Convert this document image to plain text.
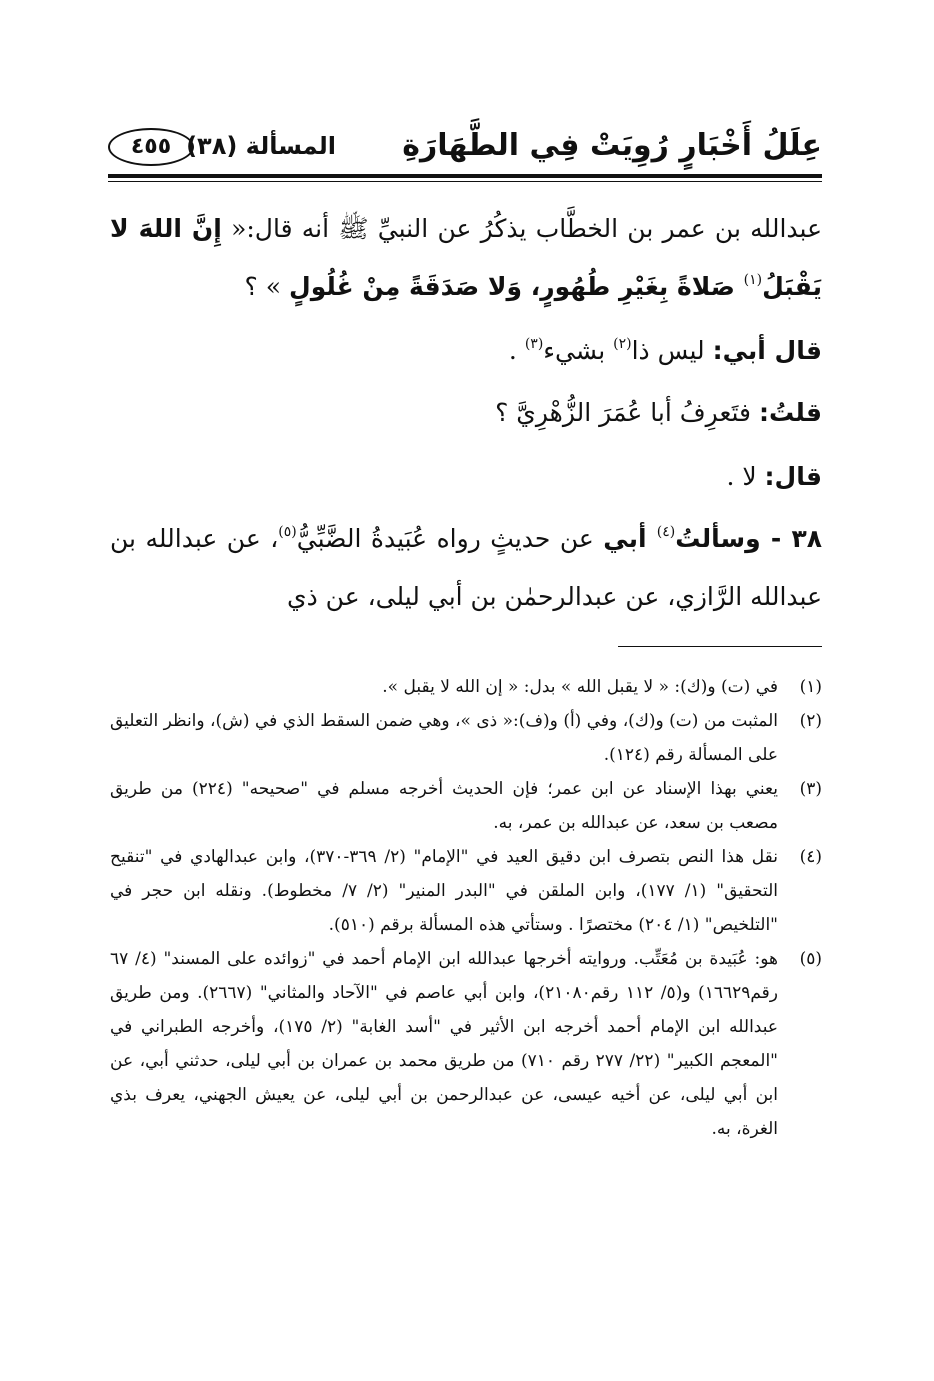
عِلَلُ أَخْبَارٍ رُوِيَتْ فِي الطَّهَارَةِ
المسألة (٣٨)
٤٥٥
عبدالله بن عمر بن الخطَّاب يذكُرُ عن النبيِّ ﷺ أنه قال:« إِنَّ اللهَ لا يَقْبَلُ$^{(١)}$ صَلاةً بِغَيْرِ طُهُورٍ، وَلا صَدَقَةً مِنْ غُلُولٍ » ؟
قال أبي: ليس ذا$^{(٢)}$ بشيء$^{(٣)}$ .
قلتُ: فتَعرِفُ أبا عُمَرَ الزُّهْرِيَّ ؟
قال: لا .
٣٨ - وسألتُ$^{(٤)}$ أبي عن حديثٍ رواه عُبَيدةُ الضَّبِّيُّ$^{(٥)}$، عن عبدالله بن عبدالله الرَّازي، عن عبدالرحمٰن بن أبي ليلى، عن ذي
(١)
في (ت) و(ك): « لا يقبل الله » بدل: « إن الله لا يقبل ».
(٢)
المثبت من (ت) و(ك)، وفي (أ) و(ف):« ذى »، وهي ضمن السقط الذي في (ش)، وانظر التعليق على المسألة رقم (١٢٤).
(٣)
يعني بهذا الإسناد عن ابن عمر؛ فإن الحديث أخرجه مسلم في "صحيحه" (٢٢٤) من طريق مصعب بن سعد، عن عبدالله بن عمر، به.
(٤)
نقل هذا النص بتصرف ابن دقيق العيد في "الإمام" (٢/ ٣٦٩-٣٧٠)، وابن عبدالهادي في "تنقيح التحقيق" (١/ ١٧٧)، وابن الملقن في "البدر المنير" (٢/ ٧/ مخطوط). ونقله ابن حجر في "التلخيص" (١/ ٢٠٤) مختصرًا . وستأتي هذه المسألة برقم (٥١٠).
(٥)
هو: عُبَيدة بن مُعَتِّب. وروايته أخرجها عبدالله ابن الإمام أحمد في "زوائده على المسند" (٤/ ٦٧ رقم١٦٦٢٩) و(٥/ ١١٢ رقم٢١٠٨٠)، وابن أبي عاصم في "الآحاد والمثاني" (٢٦٦٧). ومن طريق عبدالله ابن الإمام أحمد أخرجه ابن الأثير في "أسد الغابة" (٢/ ١٧٥)، وأخرجه الطبراني في "المعجم الكبير" (٢٢/ ٢٧٧ رقم ٧١٠) من طريق محمد بن عمران بن أبي ليلى، حدثني أبي، عن ابن أبي ليلى، عن أخيه عيسى، عن عبدالرحمن بن أبي ليلى، عن يعيش الجهني، يعرف بذي الغرة، به.
